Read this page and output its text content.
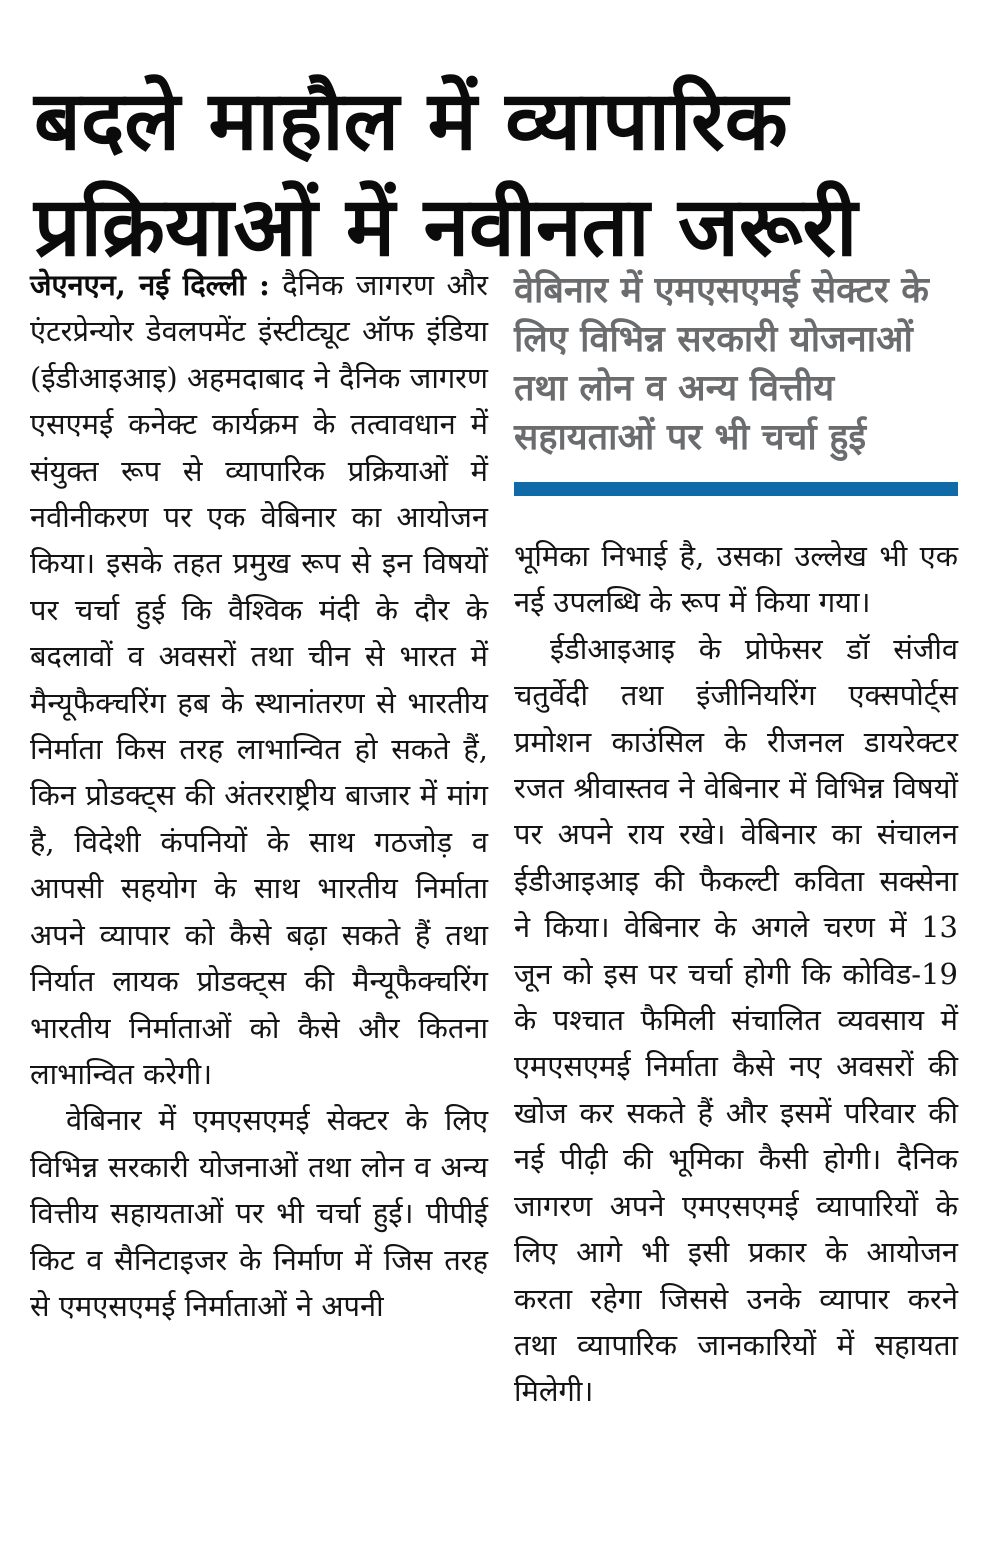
बदले माहौल में व्यापारिक
प्रक्रियाओं में नवीनता जरूरी

जेएनएन, नई दिल्ली : दैनिक जागरण और एंटरप्रेन्योर डेवलपमेंट इंस्टीट्यूट ऑफ इंडिया (ईडीआइआइ) अहमदाबाद ने दैनिक जागरण एसएमई कनेक्ट कार्यक्रम के तत्वावधान में संयुक्त रूप से व्यापारिक प्रक्रियाओं में नवीनीकरण पर एक वेबिनार का आयोजन किया। इसके तहत प्रमुख रूप से इन विषयों पर चर्चा हुई कि वैश्विक मंदी के दौर के बदलावों व अवसरों तथा चीन से भारत में मैन्यूफैक्चरिंग हब के स्थानांतरण से भारतीय निर्माता किस तरह लाभान्वित हो सकते हैं, किन प्रोडक्ट्स की अंतरराष्ट्रीय बाजार में मांग है, विदेशी कंपनियों के साथ गठजोड़ व आपसी सहयोग के साथ भारतीय निर्माता अपने व्यापार को कैसे बढ़ा सकते हैं तथा निर्यात लायक प्रोडक्ट्स की मैन्यूफैक्चरिंग भारतीय निर्माताओं को कैसे और कितना लाभान्वित करेगी।

वेबिनार में एमएसएमई सेक्टर के लिए विभिन्न सरकारी योजनाओं तथा लोन व अन्य वित्तीय सहायताओं पर भी चर्चा हुई। पीपीई किट व सैनिटाइजर के निर्माण में जिस तरह से एमएसएमई निर्माताओं ने अपनी

वेबिनार में एमएसएमई सेक्टर के लिए विभिन्न सरकारी योजनाओं तथा लोन व अन्य वित्तीय सहायताओं पर भी चर्चा हुई

भूमिका निभाई है, उसका उल्लेख भी एक नई उपलब्धि के रूप में किया गया।

ईडीआइआइ के प्रोफेसर डॉ संजीव चतुर्वेदी तथा इंजीनियरिंग एक्सपोर्ट्स प्रमोशन काउंसिल के रीजनल डायरेक्टर रजत श्रीवास्तव ने वेबिनार में विभिन्न विषयों पर अपने राय रखे। वेबिनार का संचालन ईडीआइआइ की फैकल्टी कविता सक्सेना ने किया। वेबिनार के अगले चरण में 13 जून को इस पर चर्चा होगी कि कोविड-19 के पश्चात फैमिली संचालित व्यवसाय में एमएसएमई निर्माता कैसे नए अवसरों की खोज कर सकते हैं और इसमें परिवार की नई पीढ़ी की भूमिका कैसी होगी। दैनिक जागरण अपने एमएसएमई व्यापारियों के लिए आगे भी इसी प्रकार के आयोजन करता रहेगा जिससे उनके व्यापार करने तथा व्यापारिक जानकारियों में सहायता मिलेगी।
